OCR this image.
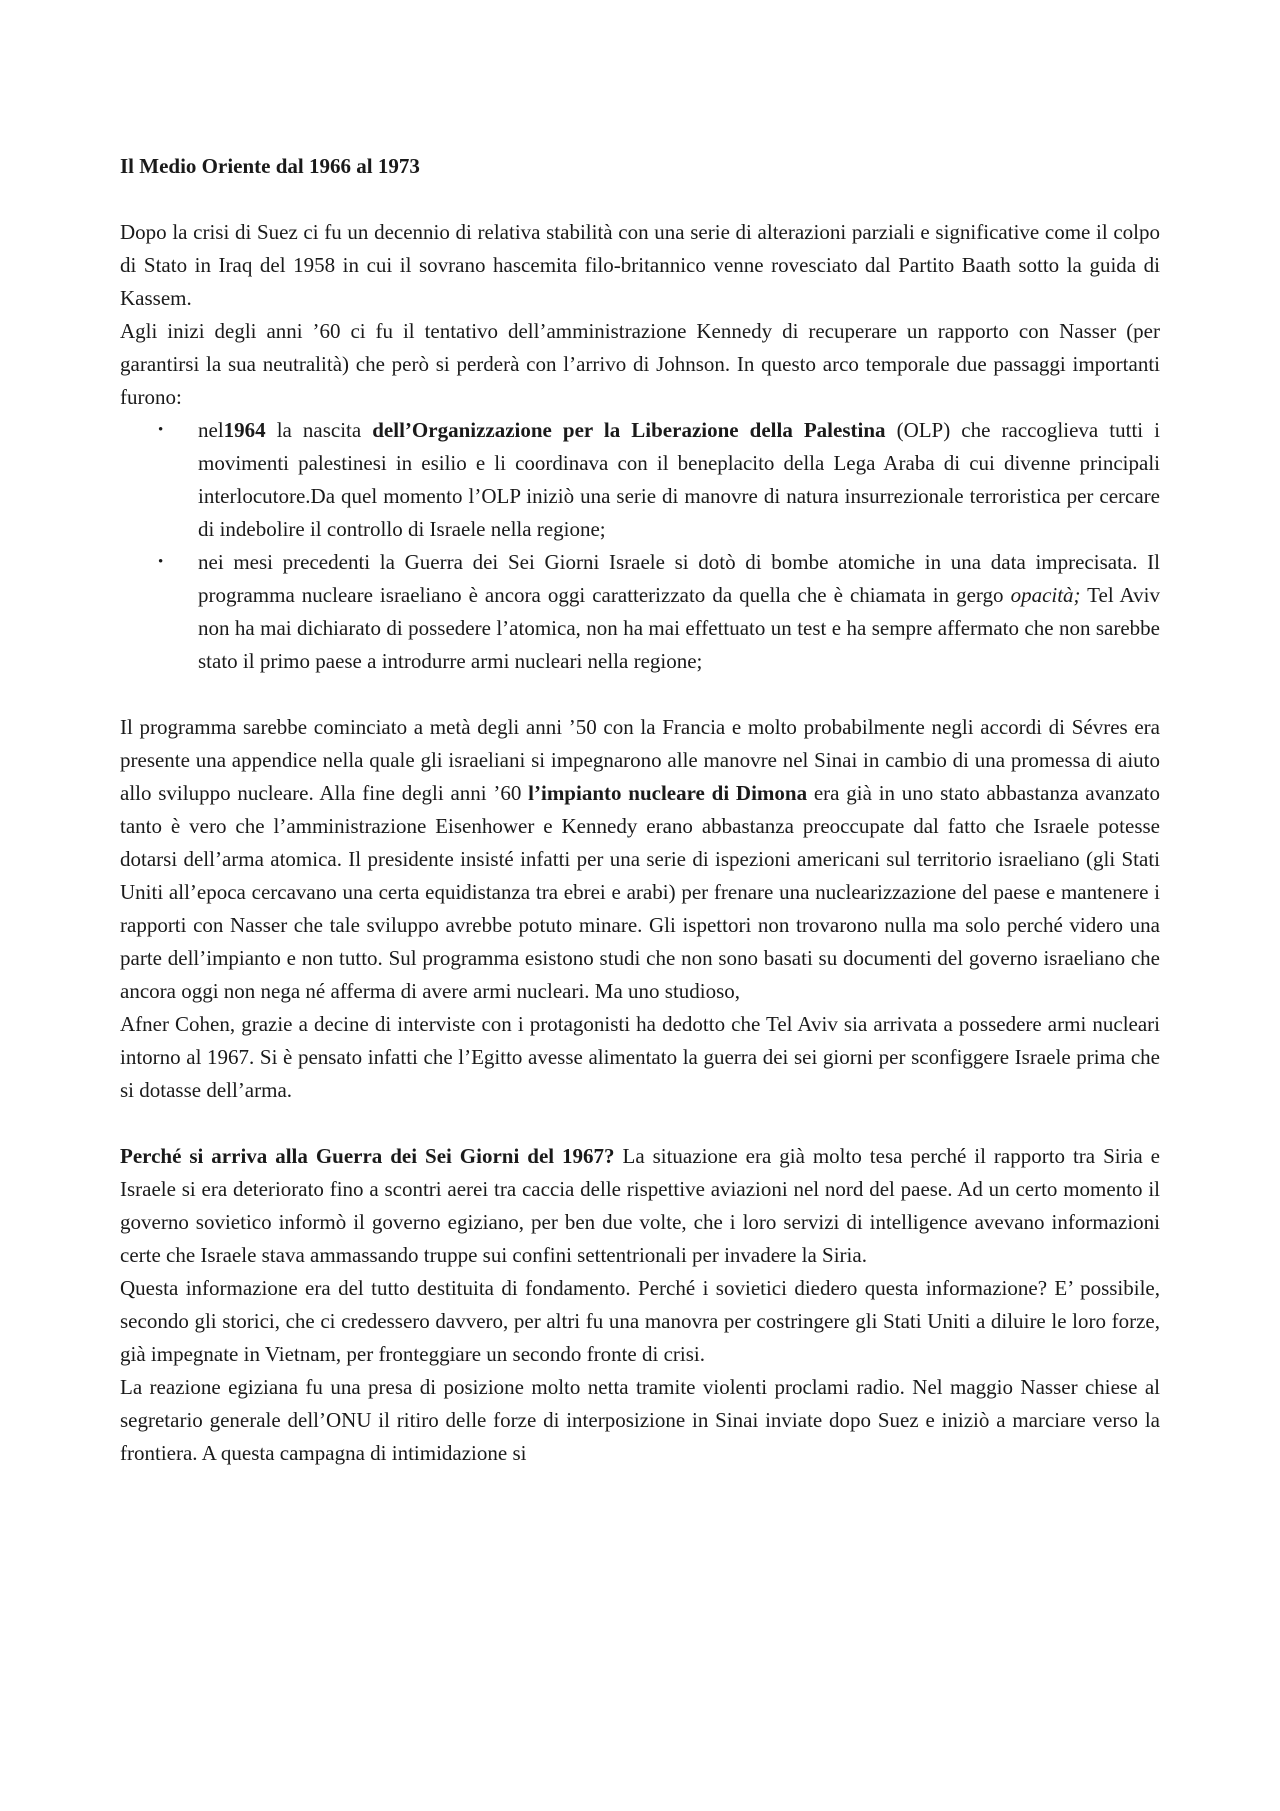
Il Medio Oriente dal 1966 al 1973

Dopo la crisi di Suez ci fu un decennio di relativa stabilità con una serie di alterazioni parziali e significative come il colpo di Stato in Iraq del 1958 in cui il sovrano hascemita filo-britannico venne rovesciato dal Partito Baath sotto la guida di Kassem.

Agli inizi degli anni ’60 ci fu il tentativo dell’amministrazione Kennedy di recuperare un rapporto con Nasser (per garantirsi la sua neutralità) che però si perderà con l’arrivo di Johnson. In questo arco temporale due passaggi importanti furono:

• nel1964 la nascita dell’Organizzazione per la Liberazione della Palestina (OLP) che raccoglieva tutti i movimenti palestinesi in esilio e li coordinava con il beneplacito della Lega Araba di cui divenne principali interlocutore.Da quel momento l’OLP iniziò una serie di manovre di natura insurrezionale terroristica per cercare di indebolire il controllo di Israele nella regione;
• nei mesi precedenti la Guerra dei Sei Giorni Israele si dotò di bombe atomiche in una data imprecisata. Il programma nucleare israeliano è ancora oggi caratterizzato da quella che è chiamata in gergo opacità; Tel Aviv non ha mai dichiarato di possedere l’atomica, non ha mai effettuato un test e ha sempre affermato che non sarebbe stato il primo paese a introdurre armi nucleari nella regione;

Il programma sarebbe cominciato a metà degli anni ’50 con la Francia e molto probabilmente negli accordi di Sévres era presente una appendice nella quale gli israeliani si impegnarono alle manovre nel Sinai in cambio di una promessa di aiuto allo sviluppo nucleare. Alla fine degli anni ’60 l’impianto nucleare di Dimona era già in uno stato abbastanza avanzato tanto è vero che l’amministrazione Eisenhower e Kennedy erano abbastanza preoccupate dal fatto che Israele potesse dotarsi dell’arma atomica. Il presidente insisté infatti per una serie di ispezioni americani sul territorio israeliano (gli Stati Uniti all’epoca cercavano una certa equidistanza tra ebrei e arabi) per frenare una nuclearizzazione del paese e mantenere i rapporti con Nasser che tale sviluppo avrebbe potuto minare. Gli ispettori non trovarono nulla ma solo perché videro una parte dell’impianto e non tutto. Sul programma esistono studi che non sono basati su documenti del governo israeliano che ancora oggi non nega né afferma di avere armi nucleari. Ma uno studioso,

Afner Cohen, grazie a decine di interviste con i protagonisti ha dedotto che Tel Aviv sia arrivata a possedere armi nucleari intorno al 1967. Si è pensato infatti che l’Egitto avesse alimentato la guerra dei sei giorni per sconfiggere Israele prima che si dotasse dell’arma.

Perché si arriva alla Guerra dei Sei Giorni del 1967? La situazione era già molto tesa perché il rapporto tra Siria e Israele si era deteriorato fino a scontri aerei tra caccia delle rispettive aviazioni nel nord del paese. Ad un certo momento il governo sovietico informò il governo egiziano, per ben due volte, che i loro servizi di intelligence avevano informazioni certe che Israele stava ammassando truppe sui confini settentrionali per invadere la Siria.

Questa informazione era del tutto destituita di fondamento. Perché i sovietici diedero questa informazione? E’ possibile, secondo gli storici, che ci credessero davvero, per altri fu una manovra per costringere gli Stati Uniti a diluire le loro forze, già impegnate in Vietnam, per fronteggiare un secondo fronte di crisi.

La reazione egiziana fu una presa di posizione molto netta tramite violenti proclami radio. Nel maggio Nasser chiese al segretario generale dell’ONU il ritiro delle forze di interposizione in Sinai inviate dopo Suez e iniziò a marciare verso la frontiera. A questa campagna di intimidazione si
